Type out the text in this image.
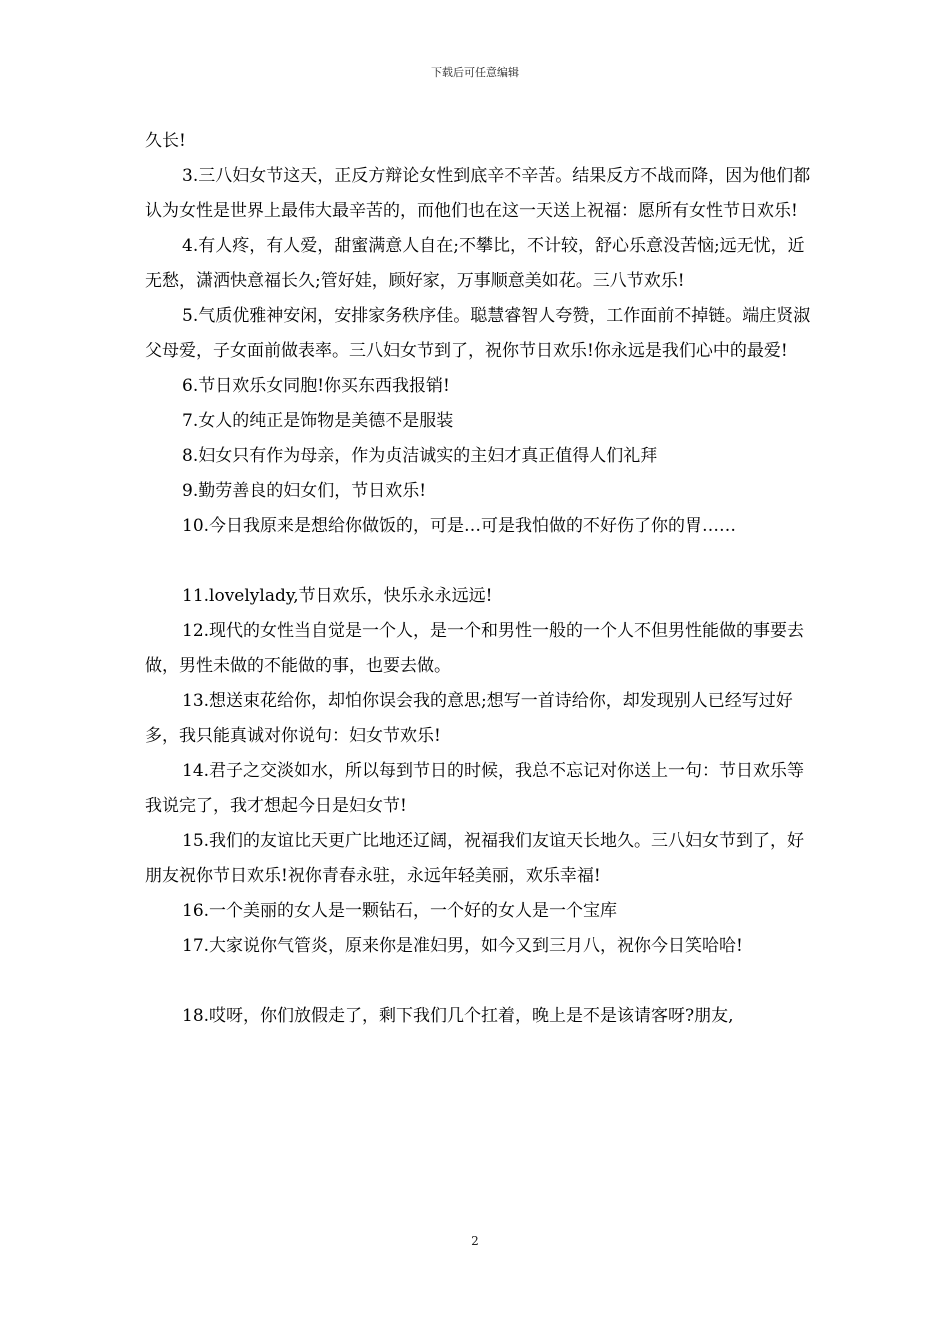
下载后可任意编辑

久长!

3.三八妇女节这天，正反方辩论女性到底辛不辛苦。结果反方不战而降，因为他们都认为女性是世界上最伟大最辛苦的，而他们也在这一天送上祝福：愿所有女性节日欢乐!

4.有人疼，有人爱，甜蜜满意人自在;不攀比，不计较，舒心乐意没苦恼;远无忧，近无愁，潇洒快意福长久;管好娃，顾好家，万事顺意美如花。三八节欢乐!

5.气质优雅神安闲，安排家务秩序佳。聪慧睿智人夸赞，工作面前不掉链。端庄贤淑父母爱，子女面前做表率。三八妇女节到了，祝你节日欢乐!你永远是我们心中的最爱!

6.节日欢乐女同胞!你买东西我报销!

7.女人的纯正是饰物是美德不是服装

8.妇女只有作为母亲，作为贞洁诚实的主妇才真正值得人们礼拜

9.勤劳善良的妇女们，节日欢乐!

10.今日我原来是想给你做饭的，可是…可是我怕做的不好伤了你的胃……

11.lovelylady,节日欢乐，快乐永永远远!

12.现代的女性当自觉是一个人，是一个和男性一般的一个人不但男性能做的事要去做，男性未做的不能做的事，也要去做。

13.想送束花给你，却怕你误会我的意思;想写一首诗给你，却发现别人已经写过好多，我只能真诚对你说句：妇女节欢乐!

14.君子之交淡如水，所以每到节日的时候，我总不忘记对你送上一句：节日欢乐等我说完了，我才想起今日是妇女节!

15.我们的友谊比天更广比地还辽阔，祝福我们友谊天长地久。三八妇女节到了，好朋友祝你节日欢乐!祝你青春永驻，永远年轻美丽，欢乐幸福!

16.一个美丽的女人是一颗钻石，一个好的女人是一个宝库

17.大家说你气管炎，原来你是准妇男，如今又到三月八，祝你今日笑哈哈!

18.哎呀，你们放假走了，剩下我们几个扛着，晚上是不是该请客呀?朋友,

2
